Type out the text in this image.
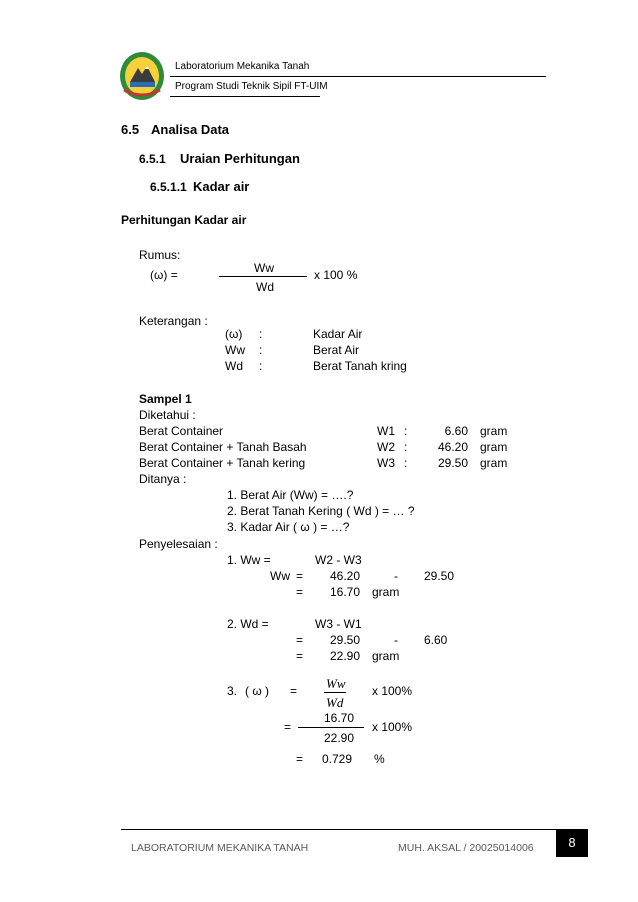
Laboratorium Mekanika Tanah
Program Studi Teknik Sipil FT-UIM
6.5 Analisa Data
6.5.1 Uraian Perhitungan
6.5.1.1 Kadar air
Perhitungan Kadar air
Rumus:
(ω) =	Ww
Wd
x 100 %
Keterangan :
(ω) :	Kadar Air
Ww :	Berat Air
Wd :	Berat Tanah kring
Sampel 1
Diketahui :
Berat Container	W1 :	6.60 gram
Berat Container + Tanah Basah	W2 :	46.20 gram
Berat Container + Tanah kering	W3 :	29.50 gram
Ditanya :
1. Berat Air (Ww) = ….?
2. Berat Tanah Kering ( Wd ) = … ?
3. Kadar Air ( ω ) = …?
Penyelesaian :
1. Ww =	W2 - W3
Ww =	46.20	- 29.50
=	16.70 gram
2. Wd =	W3 - W1
=	29.50	- 6.60
=	22.90 gram
3. ( ω ) = Ww
Wd
x 100%
=
16.70
22.90
x 100%
= 0.729 %
LABORATORIUM MEKANIKA TANAH	MUH. AKSAL / 20025014006	8
